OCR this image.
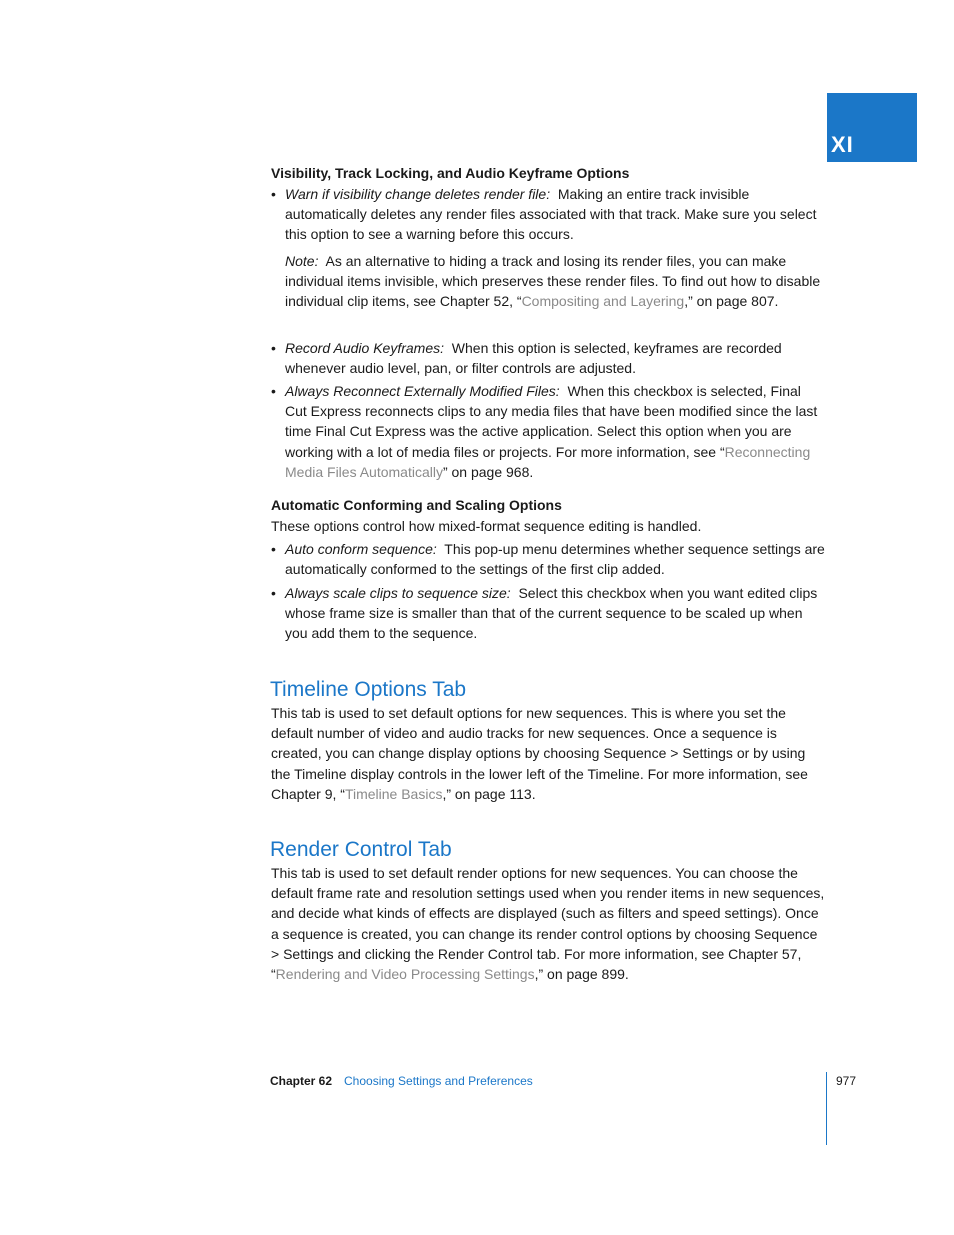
XI
Visibility, Track Locking, and Audio Keyframe Options
• Warn if visibility change deletes render file: Making an entire track invisible automatically deletes any render files associated with that track. Make sure you select this option to see a warning before this occurs.
Note: As an alternative to hiding a track and losing its render files, you can make individual items invisible, which preserves these render files. To find out how to disable individual clip items, see Chapter 52, “Compositing and Layering,” on page 807.
• Record Audio Keyframes: When this option is selected, keyframes are recorded whenever audio level, pan, or filter controls are adjusted.
• Always Reconnect Externally Modified Files: When this checkbox is selected, Final Cut Express reconnects clips to any media files that have been modified since the last time Final Cut Express was the active application. Select this option when you are working with a lot of media files or projects. For more information, see “Reconnecting Media Files Automatically” on page 968.
Automatic Conforming and Scaling Options
These options control how mixed-format sequence editing is handled.
• Auto conform sequence: This pop-up menu determines whether sequence settings are automatically conformed to the settings of the first clip added.
• Always scale clips to sequence size: Select this checkbox when you want edited clips whose frame size is smaller than that of the current sequence to be scaled up when you add them to the sequence.
Timeline Options Tab
This tab is used to set default options for new sequences. This is where you set the default number of video and audio tracks for new sequences. Once a sequence is created, you can change display options by choosing Sequence > Settings or by using the Timeline display controls in the lower left of the Timeline. For more information, see Chapter 9, “Timeline Basics,” on page 113.
Render Control Tab
This tab is used to set default render options for new sequences. You can choose the default frame rate and resolution settings used when you render items in new sequences, and decide what kinds of effects are displayed (such as filters and speed settings). Once a sequence is created, you can change its render control options by choosing Sequence > Settings and clicking the Render Control tab. For more information, see Chapter 57, “Rendering and Video Processing Settings,” on page 899.
Chapter 62 Choosing Settings and Preferences	977
